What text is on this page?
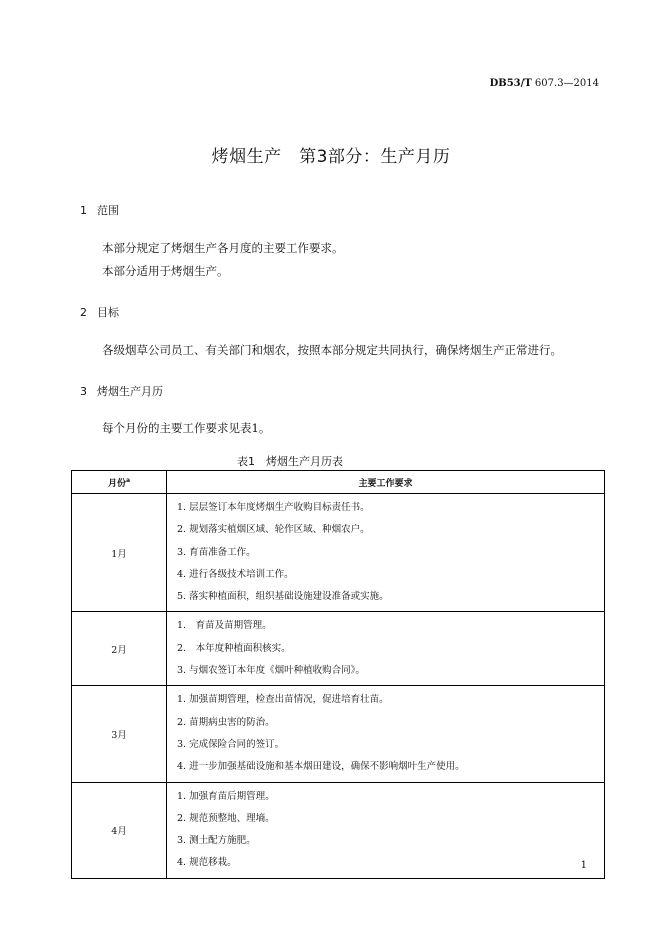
DB53/T 607.3—2014
烤烟生产　第3部分：生产月历
1 范围
本部分规定了烤烟生产各月度的主要工作要求。
本部分适用于烤烟生产。
2 目标
各级烟草公司员工、有关部门和烟农，按照本部分规定共同执行，确保烤烟生产正常进行。
3 烤烟生产月历
每个月份的主要工作要求见表1。
表1　烤烟生产月历表
月份$^a$	主要工作要求
1月	1. 层层签订本年度烤烟生产收购目标责任书。
2. 规划落实植烟区域、轮作区域、种烟农户。
3. 育苗准备工作。
4. 进行各级技术培训工作。
5. 落实种植面积，组织基础设施建设准备或实施。

2月	1.　育苗及苗期管理。
2.　本年度种植面积核实。
3. 与烟农签订本年度《烟叶种植收购合同》。

3月	1. 加强苗期管理，检查出苗情况，促进培育壮苗。
2. 苗期病虫害的防治。
3. 完成保险合同的签订。
4. 进一步加强基础设施和基本烟田建设，确保不影响烟叶生产使用。

4月	1. 加强育苗后期管理。
2. 规范预整地、理墒。
3. 测土配方施肥。
4. 规范移栽。	1
